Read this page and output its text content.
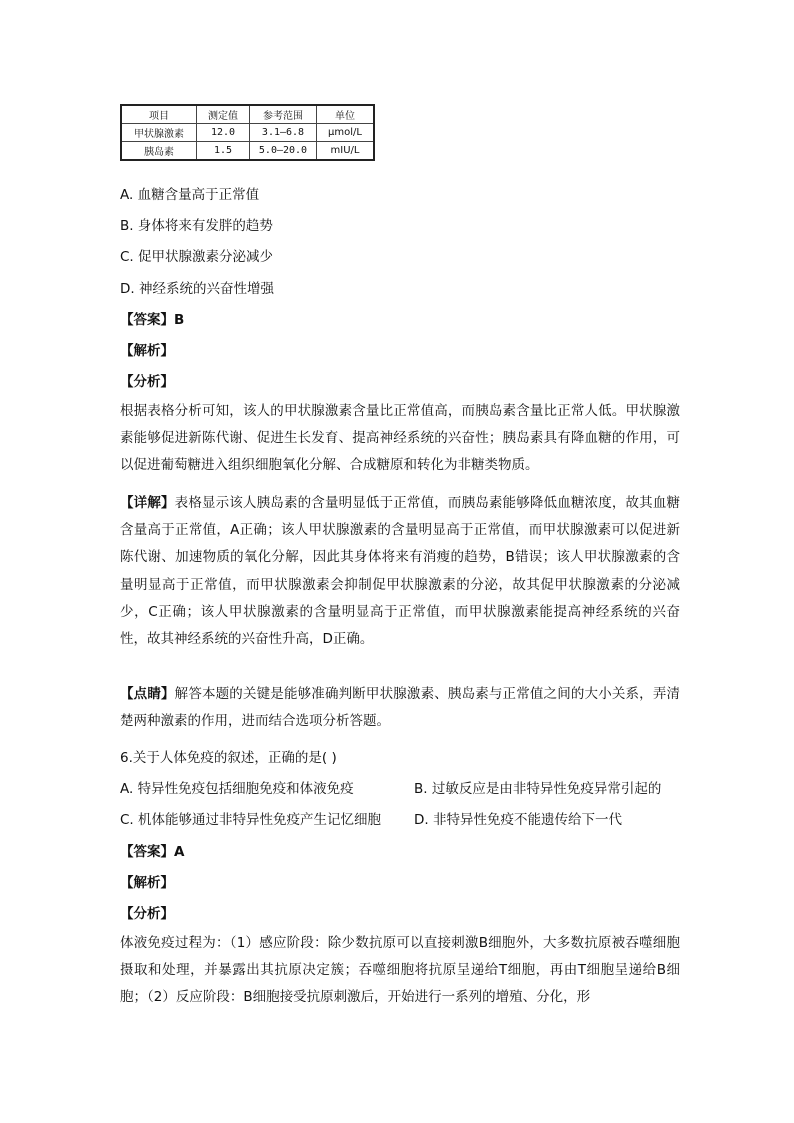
项目	测定值	参考范围	单位
甲状腺激素	12.0	3.1—6.8	μmol/L
胰岛素	1.5	5.0—20.0	mIU/L
A. 血糖含量高于正常值
B. 身体将来有发胖的趋势
C. 促甲状腺激素分泌减少
D. 神经系统的兴奋性增强
【答案】B
【解析】
【分析】
根据表格分析可知，该人的甲状腺激素含量比正常值高，而胰岛素含量比正常人低。甲状腺激素能够促进新陈代谢、促进生长发育、提高神经系统的兴奋性；胰岛素具有降血糖的作用，可以促进葡萄糖进入组织细胞氧化分解、合成糖原和转化为非糖类物质。
【详解】表格显示该人胰岛素的含量明显低于正常值，而胰岛素能够降低血糖浓度，故其血糖含量高于正常值，A正确；该人甲状腺激素的含量明显高于正常值，而甲状腺激素可以促进新陈代谢、加速物质的氧化分解，因此其身体将来有消瘦的趋势，B错误；该人甲状腺激素的含量明显高于正常值，而甲状腺激素会抑制促甲状腺激素的分泌，故其促甲状腺激素的分泌减少，C正确；该人甲状腺激素的含量明显高于正常值，而甲状腺激素能提高神经系统的兴奋性，故其神经系统的兴奋性升高，D正确。
【点睛】解答本题的关键是能够准确判断甲状腺激素、胰岛素与正常值之间的大小关系，弄清楚两种激素的作用，进而结合选项分析答题。
6.关于人体免疫的叙述，正确的是( )
A. 特异性免疫包括细胞免疫和体液免疫	B. 过敏反应是由非特异性免疫异常引起的
C. 机体能够通过非特异性免疫产生记忆细胞 D. 非特异性免疫不能遗传给下一代
【答案】A
【解析】
【分析】
体液免疫过程为：（1）感应阶段：除少数抗原可以直接刺激B细胞外，大多数抗原被吞噬细胞摄取和处理，并暴露出其抗原决定簇；吞噬细胞将抗原呈递给T细胞，再由T细胞呈递给B细胞；（2）反应阶段：B细胞接受抗原刺激后，开始进行一系列的增殖、分化，形
